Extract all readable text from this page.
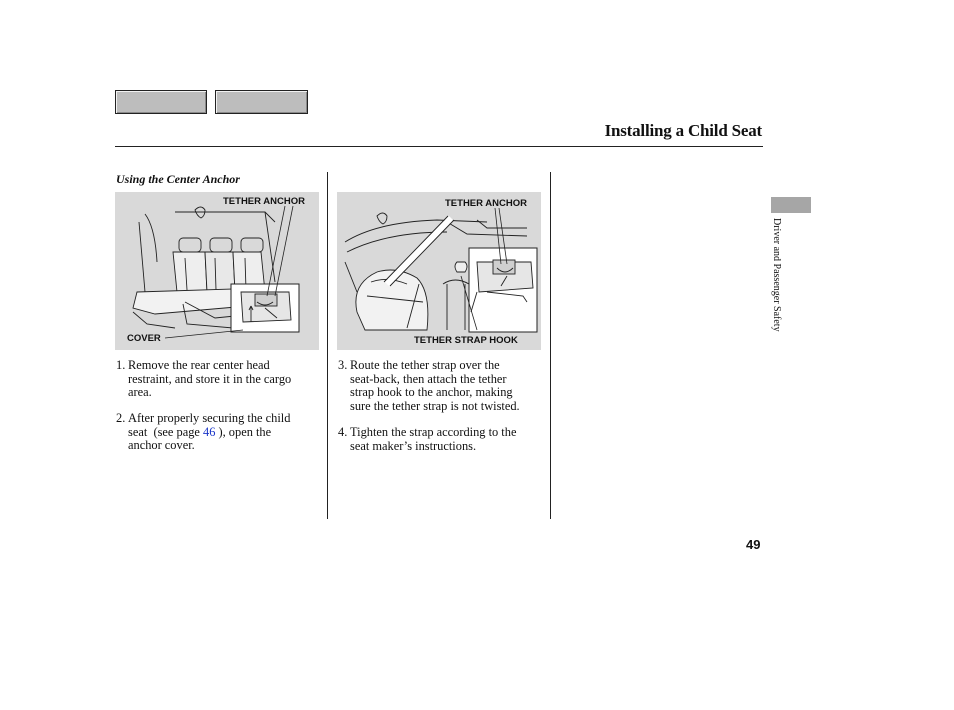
Installing a Child Seat
Using the Center Anchor
TETHER ANCHOR
COVER
TETHER ANCHOR
TETHER STRAP HOOK
1. Remove the rear center head
restraint, and store it in the cargo
area.
2. After properly securing the child
seat  (see page 46 ), open the
anchor cover.
3. Route the tether strap over the
seat-back, then attach the tether
strap hook to the anchor, making
sure the tether strap is not twisted.
4. Tighten the strap according to the
seat maker’s instructions.
Driver and Passenger Safety
49
